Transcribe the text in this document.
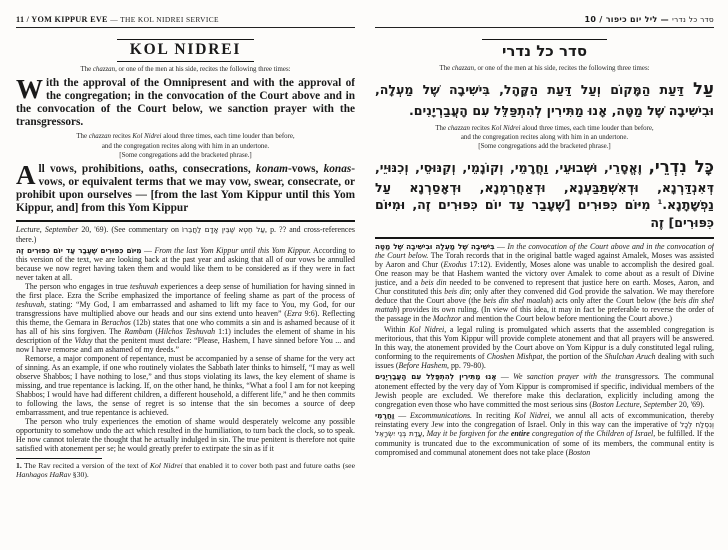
11 / YOM KIPPUR EVE — THE KOL NIDREI SERVICE
KOL NIDREI
The chazzan, or one of the men at his side, recites the following three times:

With the approval of the Omnipresent and with the approval of the congregation; in the convocation of the Court above and in the convocation of the Court below, we sanction prayer with the transgressors.

The chazzan recites Kol Nidrei aloud three times, each time louder than before,
and the congregation recites along with him in an undertone.
[Some congregations add the bracketed phrase.]

All vows, prohibitions, oaths, consecrations, konam-vows, konas-vows, or equivalent terms that we may vow, swear, consecrate, or prohibit upon ourselves — [from the last Yom Kippur until this Yom Kippur, and] from this Yom Kippur

Lecture, September 20, '69). (See commentary on עַל חֵטְא שֶׁבֵּין אָדָם לַחֲבֵרוֹ, p. ?? and cross-references there.)

מִיּוֹם כִּפּוּרִים שֶׁעָבַר עַד יוֹם כִּפּוּרִים זֶה — From the last Yom Kippur until this Yom Kippur. According to this version of the text, we are looking back at the past year and asking that all of our vows be annulled because we now regret having taken them and would like them to be considered as if they were in fact never taken at all.

The person who engages in true teshuvah experiences a deep sense of humiliation for having sinned in the first place. Ezra the Scribe emphasized the importance of feeling shame as part of the process of teshuvah, stating: “My God, I am embarrassed and ashamed to lift my face to You, my God, for our transgressions have multiplied above our heads and our sins extend unto heaven” (Ezra 9:6). Reflecting this theme, the Gemara in Berachos (12b) states that one who commits a sin and is ashamed because of it has all of his sins forgiven. The Rambam (Hilchos Teshuvah 1:1) includes the element of shame in his description of the Viduy that the penitent must declare: “Please, Hashem, I have sinned before You ... and now I have remorse and am ashamed of my deeds.”

Remorse, a major component of repentance, must be accompanied by a sense of shame for the very act of sinning. As an example, if one who routinely violates the Sabbath later thinks to himself, “I may as well observe Shabbos; I have nothing to lose,” and thus stops violating its laws, the key element of shame is missing, and true repentance is lacking. If, on the other hand, he thinks, “What a fool I am for not keeping Shabbos; I would have had different children, a different household, a different life,” and he then commits to following the laws, the sense of regret is so intense that the sin becomes a source of deep embarrassment, and true repentance is achieved.

The person who truly experiences the emotion of shame would desperately welcome any possible opportunity to somehow undo the act which resulted in the humiliation, to turn back the clock, so to speak. He now cannot tolerate the thought that he actually indulged in sin. The true penitent is therefore not quite satisfied with atonement per se; he would greatly prefer to extirpate the sin as if it

1. The Rav recited a version of the text of Kol Nidrei that enabled it to cover both past and future oaths (see Hanhagos HaRav §30).

סדר כל נדרי — ליל יום כיפור / 10
סדר כל נדרי
The chazzan, or one of the men at his side, recites the following three times:

עַל דַּעַת הַמָּקוֹם וְעַל דַּעַת הַקָּהָל, בִּישִׁיבָה שֶׁל מַעְלָה, וּבִישִׁיבָה שֶׁל מַטָּה, אָנוּ מַתִּירִין לְהִתְפַּלֵּל עִם הָעֲבַרְיָנִים.

The chazzan recites Kol Nidrei aloud three times, each time louder than before,
and the congregation recites along with him in an undertone.
[Some congregations add the bracketed phrase.]

כָּל נִדְרֵי, וֶאֱסָרֵי, וּשְׁבוּעֵי, וַחֲרָמֵי, וְקוֹנָמֵי, וְקִנּוּסֵי, וְכִנּוּיֵי, דְּאִנְדַּרְנָא, וּדְאִשְׁתַּבַּעְנָא, וּדְאַחֲרִמְנָא, וּדְאָסַרְנָא עַל נַפְשָׁתָנָא.$^1$ מִיּוֹם כִּפּוּרִים [שֶׁעָבַר עַד יוֹם כִּפּוּרִים זֶה, וּמִיּוֹם כִּפּוּרִים] זֶה

בִּישִׁיבָה שֶׁל מַעְלָה וּבִישִׁיבָה שֶׁל מַטָּה — In the convocation of the Court above and in the convocation of the Court below. The Torah records that in the original battle waged against Amalek, Moses was assisted by Aaron and Chur (Exodus 17:12). Evidently, Moses alone was unable to accomplish the desired goal. One reason may be that Hashem wanted the victory over Amalek to come about as a result of Divine justice, and a beis din needed to be convened to represent that justice here on earth. Moses, Aaron, and Chur constituted this beis din; only after they convened did God provide the salvation. We may therefore deduce that the Court above (the beis din shel maalah) acts only after the Court below (the beis din shel mattah) provides its own ruling. (In view of this idea, it may in fact be preferable to reverse the order of the passage in the Machzor and mention the Court below before mentioning the Court above.)

Within Kol Nidrei, a legal ruling is promulgated which asserts that the assembled congregation is meritorious, that this Yom Kippur will provide complete atonement and that all prayers will be answered. In this way, the atonement provided by the Court above on Yom Kippur is a duly constituted legal ruling, conforming to the requirements of Choshen Mishpat, the portion of the Shulchan Aruch dealing with such issues (Before Hashem, pp. 79-80).

אָנוּ מַתִּירִין לְהִתְפַּלֵּל עִם הָעֲבַרְיָנִים — We sanction prayer with the transgressors. The communal atonement effected by the very day of Yom Kippur is compromised if specific, individual members of the Jewish people are excluded. We therefore make this declaration, explicitly including among the congregation even those who have committed the most serious sins (Boston Lecture, September 20, '69).

וַחֲרָמֵי — Excommunications. In reciting Kol Nidrei, we annul all acts of excommunication, thereby reinstating every Jew into the congregation of Israel. Only in this way can the imperative of וְנִסְלַח לְכָל עֲדַת בְּנֵי יִשְׂרָאֵל, May it be forgiven for the entire congregation of the Children of Israel, be fulfilled. If the community is truncated due to the excommunication of some of its members, the communal entity is compromised and communal atonement does not take place (Boston
